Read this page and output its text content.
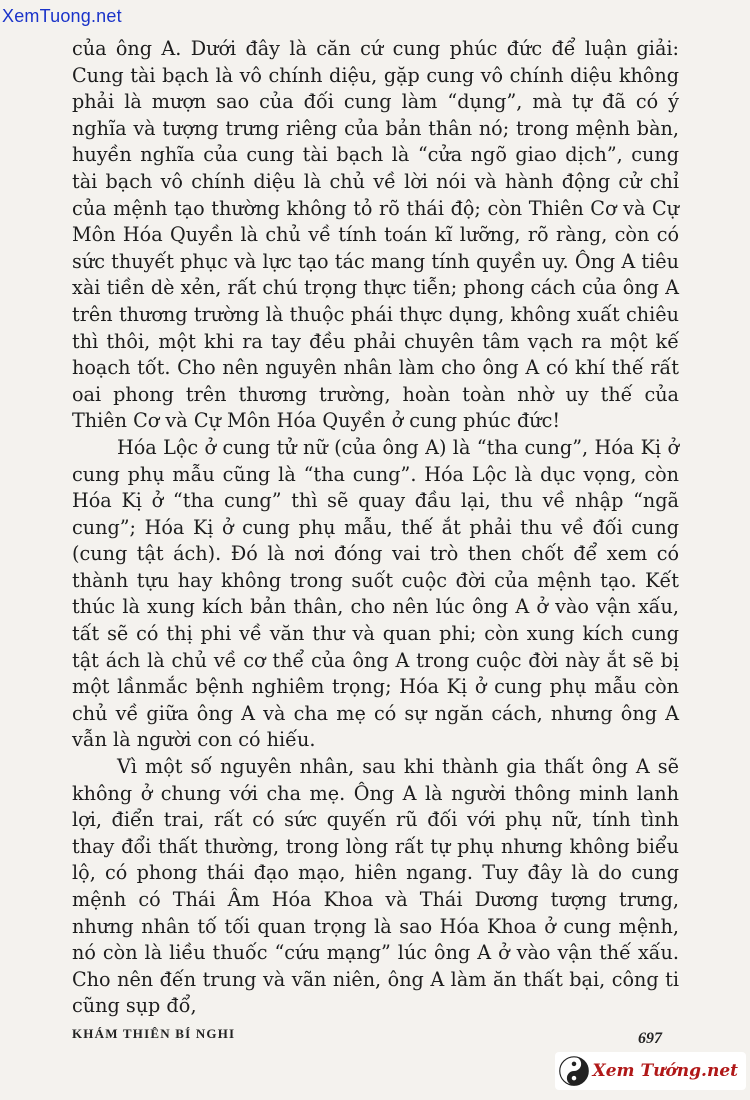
XemTuong.net

của ông A. Dưới đây là căn cứ cung phúc đức để luận giải: Cung tài bạch là vô chính diệu, gặp cung vô chính diệu không phải là mượn sao của đối cung làm “dụng”, mà tự đã có ý nghĩa và tượng trưng riêng của bản thân nó; trong mệnh bàn, huyền nghĩa của cung tài bạch là “cửa ngõ giao dịch”, cung tài bạch vô chính diệu là chủ về lời nói và hành động cử chỉ của mệnh tạo thường không tỏ rõ thái độ; còn Thiên Cơ và Cự Môn Hóa Quyền là chủ về tính toán kĩ lưỡng, rõ ràng, còn có sức thuyết phục và lực tạo tác mang tính quyền uy. Ông A tiêu xài tiền dè xẻn, rất chú trọng thực tiễn; phong cách của ông A trên thương trường là thuộc phái thực dụng, không xuất chiêu thì thôi, một khi ra tay đều phải chuyên tâm vạch ra một kế hoạch tốt. Cho nên nguyên nhân làm cho ông A có khí thế rất oai phong trên thương trường, hoàn toàn nhờ uy thế của Thiên Cơ và Cự Môn Hóa Quyền ở cung phúc đức!

Hóa Lộc ở cung tử nữ (của ông A) là “tha cung”, Hóa Kị ở cung phụ mẫu cũng là “tha cung”. Hóa Lộc là dục vọng, còn Hóa Kị ở “tha cung” thì sẽ quay đầu lại, thu về nhập “ngã cung”; Hóa Kị ở cung phụ mẫu, thế ắt phải thu về đối cung (cung tật ách). Đó là nơi đóng vai trò then chốt để xem có thành tựu hay không trong suốt cuộc đời của mệnh tạo. Kết thúc là xung kích bản thân, cho nên lúc ông A ở vào vận xấu, tất sẽ có thị phi về văn thư và quan phi; còn xung kích cung tật ách là chủ về cơ thể của ông A trong cuộc đời này ắt sẽ bị một lầnmắc bệnh nghiêm trọng; Hóa Kị ở cung phụ mẫu còn chủ về giữa ông A và cha mẹ có sự ngăn cách, nhưng ông A vẫn là người con có hiếu.

Vì một số nguyên nhân, sau khi thành gia thất ông A sẽ không ở chung với cha mẹ. Ông A là người thông minh lanh lợi, điển trai, rất có sức quyến rũ đối với phụ nữ, tính tình thay đổi thất thường, trong lòng rất tự phụ nhưng không biểu lộ, có phong thái đạo mạo, hiên ngang. Tuy đây là do cung mệnh có Thái Âm Hóa Khoa và Thái Dương tượng trưng, nhưng nhân tố tối quan trọng là sao Hóa Khoa ở cung mệnh, nó còn là liều thuốc “cứu mạng” lúc ông A ở vào vận thế xấu. Cho nên đến trung và vãn niên, ông A làm ăn thất bại, công ti cũng sụp đổ,

KHÁM THIÊN BÍ NGHI	697
Xem Tướng.net
